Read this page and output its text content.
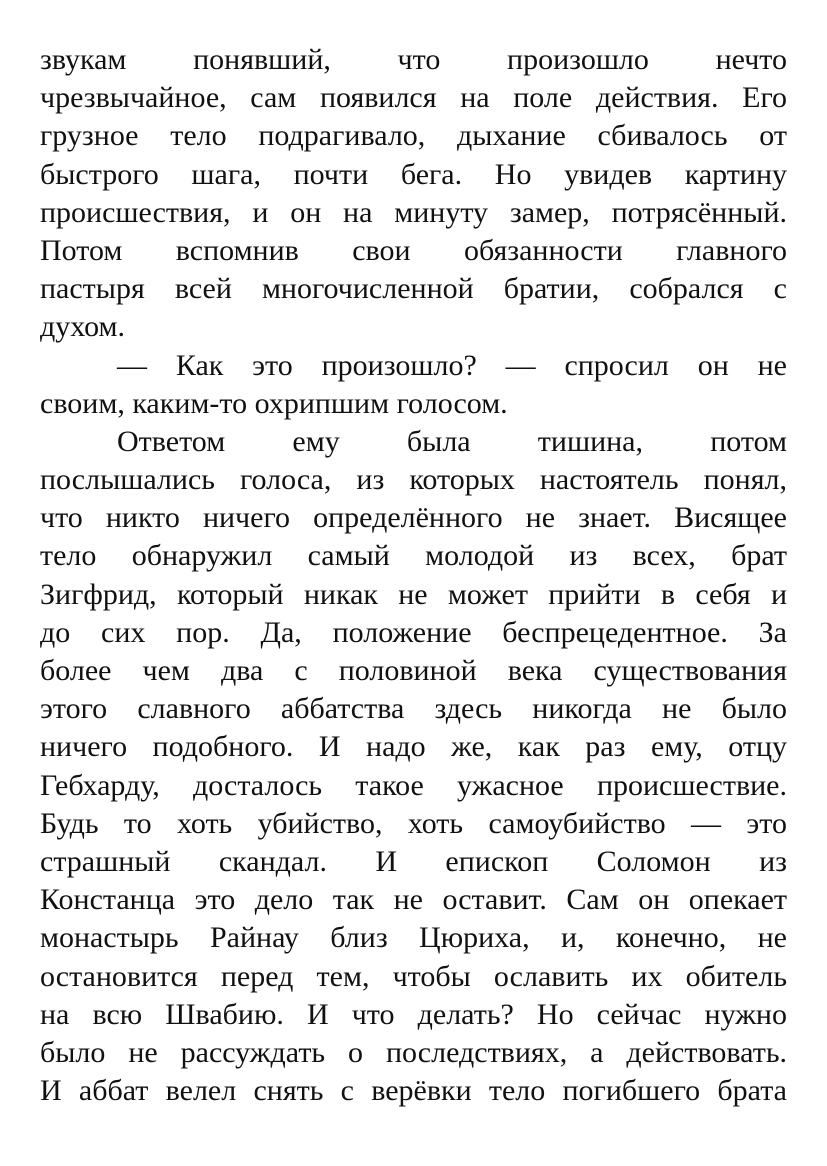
звукам понявший, что произошло нечто
чрезвычайное, сам появился на поле действия. Его
грузное тело подрагивало, дыхание сбивалось от
быстрого шага, почти бега. Но увидев картину
происшествия, и он на минуту замер, потрясённый.
Потом вспомнив свои обязанности главного
пастыря всей многочисленной братии, собрался с
духом.
— Как это произошло? — спросил он не
своим, каким-то охрипшим голосом.
Ответом ему была тишина, потом
послышались голоса, из которых настоятель понял,
что никто ничего определённого не знает. Висящее
тело обнаружил самый молодой из всех, брат
Зигфрид, который никак не может прийти в себя и
до сих пор. Да, положение беспрецедентное. За
более чем два с половиной века существования
этого славного аббатства здесь никогда не было
ничего подобного. И надо же, как раз ему, отцу
Гебхарду, досталось такое ужасное происшествие.
Будь то хоть убийство, хоть самоубийство — это
страшный скандал. И епископ Соломон из
Констанца это дело так не оставит. Сам он опекает
монастырь Райнау близ Цюриха, и, конечно, не
остановится перед тем, чтобы ославить их обитель
на всю Швабию. И что делать? Но сейчас нужно
было не рассуждать о последствиях, а действовать.
И аббат велел снять с верёвки тело погибшего брата
